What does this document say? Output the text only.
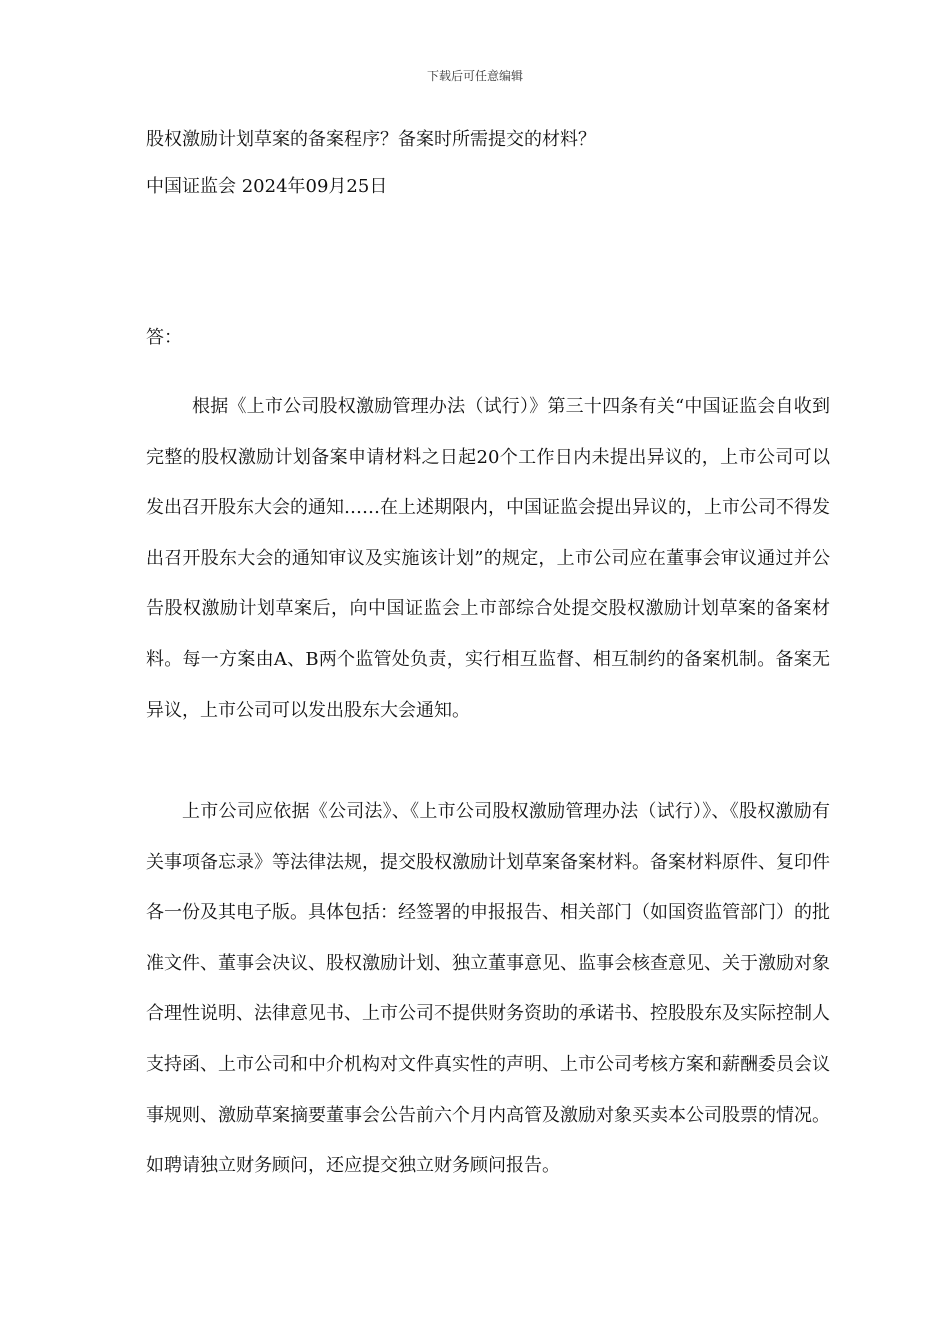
下载后可任意编辑
股权激励计划草案的备案程序？备案时所需提交的材料？
中国证监会 2024年09月25日
答：

根据《上市公司股权激励管理办法（试行）》第三十四条有关“中国证监会自收到完整的股权激励计划备案申请材料之日起20个工作日内未提出异议的，上市公司可以发出召开股东大会的通知……在上述期限内，中国证监会提出异议的，上市公司不得发出召开股东大会的通知审议及实施该计划”的规定，上市公司应在董事会审议通过并公告股权激励计划草案后，向中国证监会上市部综合处提交股权激励计划草案的备案材料。每一方案由A、B两个监管处负责，实行相互监督、相互制约的备案机制。备案无异议，上市公司可以发出股东大会通知。

上市公司应依据《公司法》、《上市公司股权激励管理办法（试行）》、《股权激励有关事项备忘录》等法律法规，提交股权激励计划草案备案材料。备案材料原件、复印件各一份及其电子版。具体包括：经签署的申报报告、相关部门（如国资监管部门）的批准文件、董事会决议、股权激励计划、独立董事意见、监事会核查意见、关于激励对象合理性说明、法律意见书、上市公司不提供财务资助的承诺书、控股股东及实际控制人支持函、上市公司和中介机构对文件真实性的声明、上市公司考核方案和薪酬委员会议事规则、激励草案摘要董事会公告前六个月内高管及激励对象买卖本公司股票的情况。如聘请独立财务顾问，还应提交独立财务顾问报告。
